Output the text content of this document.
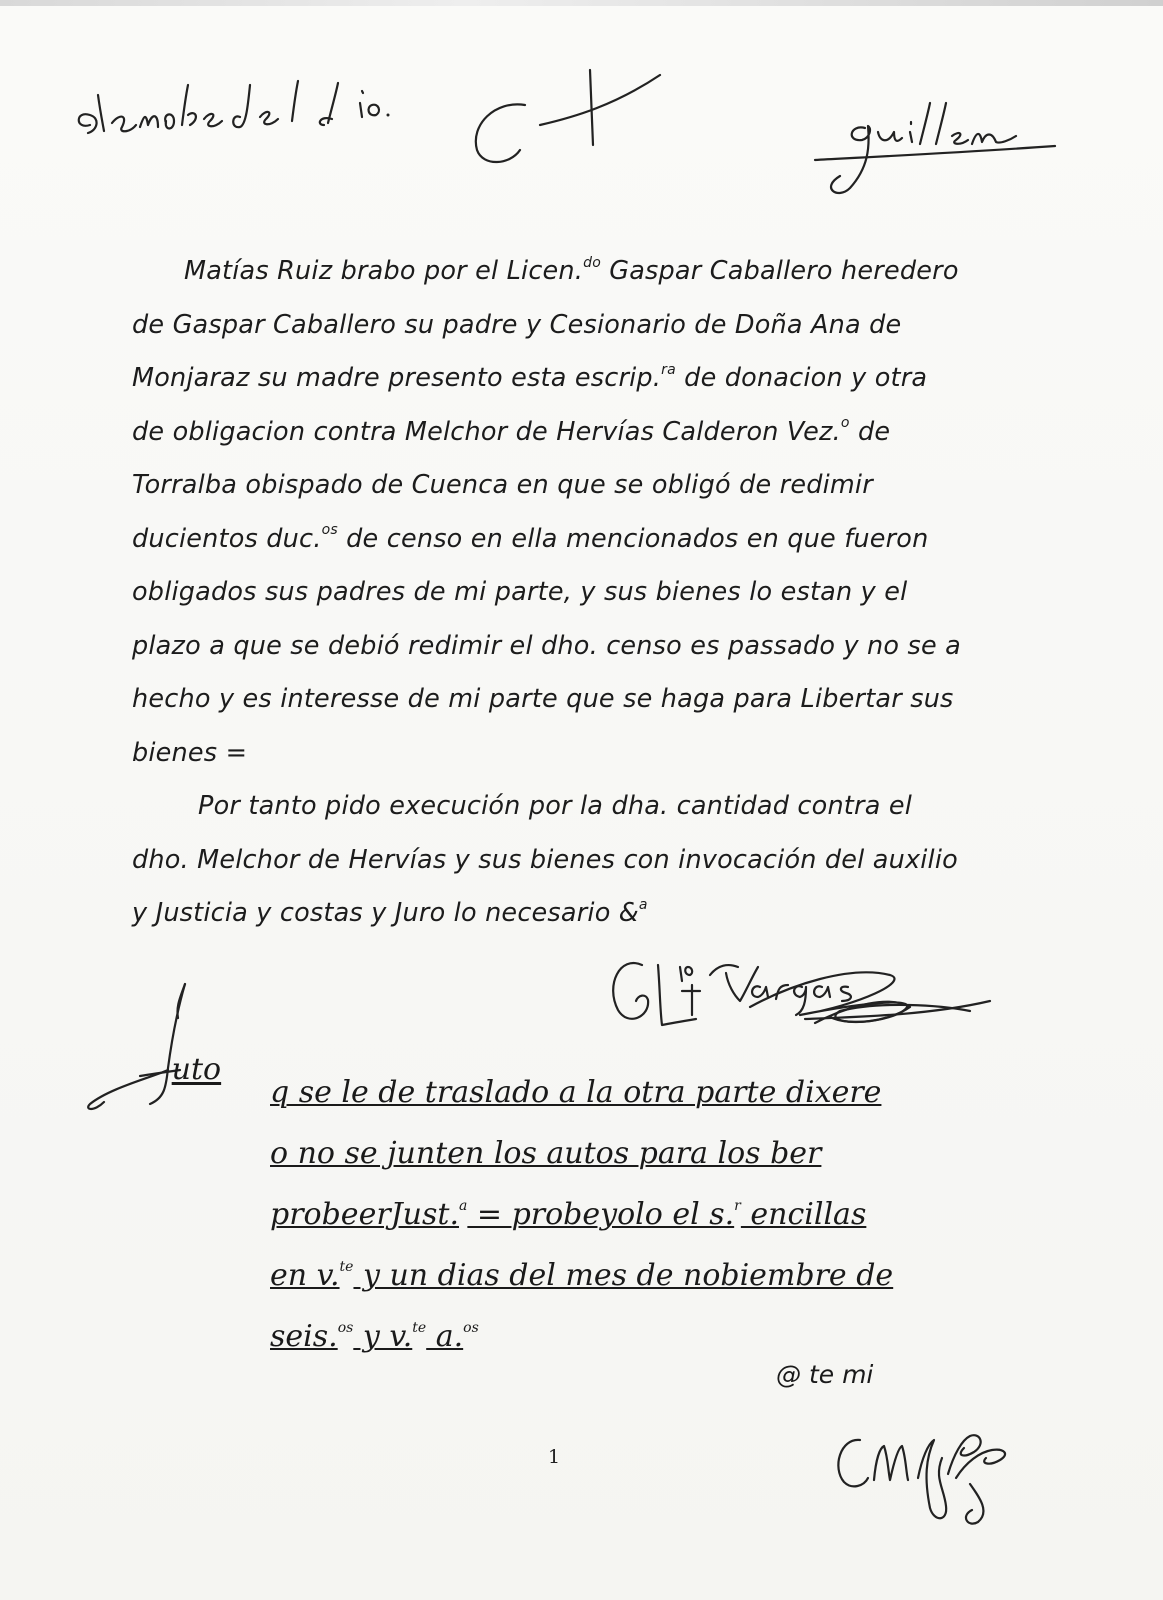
Matías Ruiz brabo por el Licen.$^{do}$ Gaspar Caballero heredero
de Gaspar Caballero su padre y Cesionario de Doña Ana de
Monjaraz su madre presento esta escrip.$^{ra}$ de donacion y otra
de obligacion contra Melchor de Hervías Calderon Vez.$^o$ de
Torralba obispado de Cuenca en que se obligó de redimir
ducientos duc.$^{os}$ de censo en ella mencionados en que fueron
obligados sus padres de mi parte, y sus bienes lo estan y el
plazo a que se debió redimir el dho. censo es passado y no se a
hecho y es interesse de mi parte que se haga para Libertar sus
bienes =

Por tanto pido execución por la dha. cantidad contra el
dho. Melchor de Hervías y sus bienes con invocación del auxilio
y Justicia y costas y Juro lo necesario &$^a$

uto
q se le de traslado a la otra parte dixere
o no se junten los autos para los ber
probeerJust.$^a$ = probeyolo el s.$^r$ encillas
en v.$^{te}$ y un dias del mes de nobiembre de
seis.$^{os}$ y v.$^{te}$ a.$^{os}$
@ te mi
1
